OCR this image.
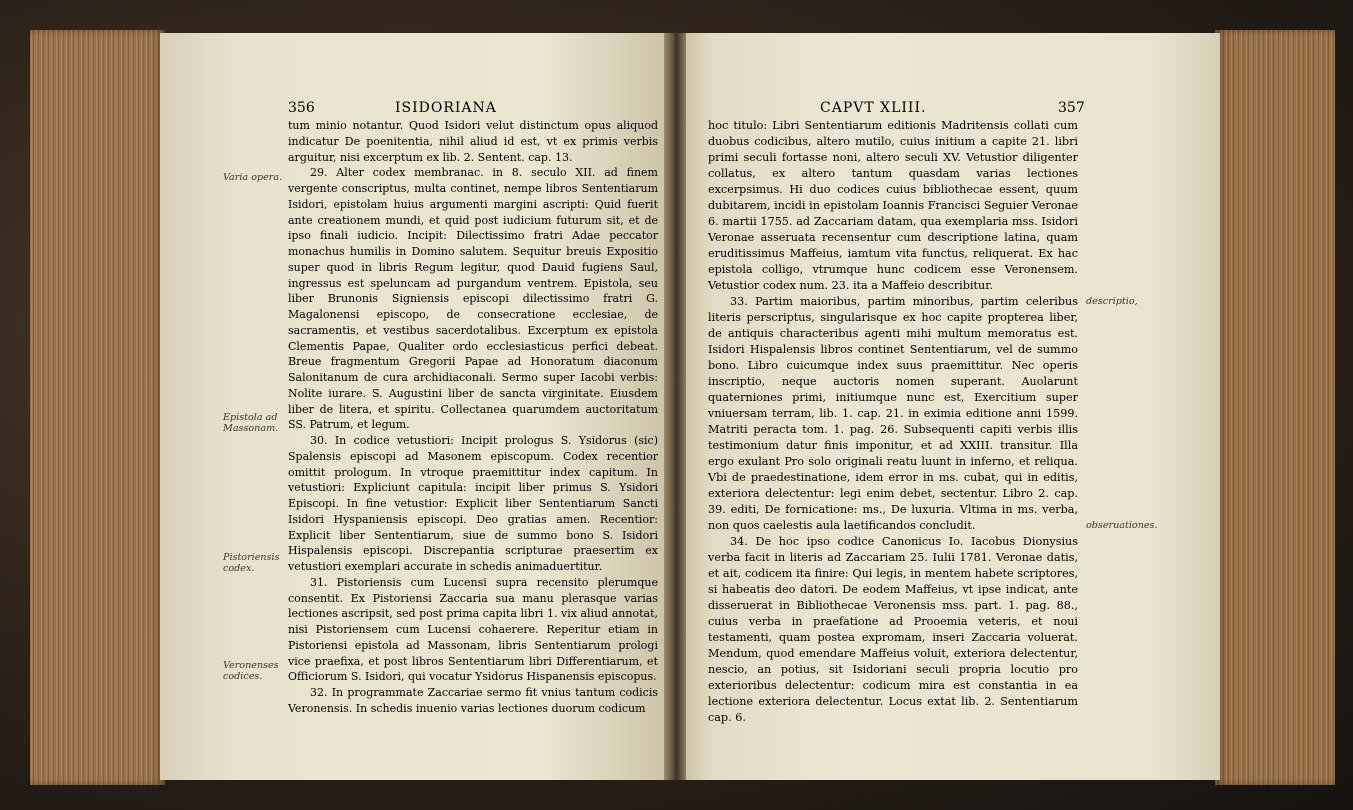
356	ISIDORIANA	CAPVT XLIII.	357

tum minio notantur. Quod Isidori velut distinctum opus aliquod indicatur De poenitentia, nihil aliud id est, vt ex primis verbis arguitur, nisi excerptum ex lib. 2. Sentent. cap. 13.

29. Alter codex membranac. in 8. seculo XII. ad finem vergente conscriptus, multa continet, nempe libros Sententiarum Isidori, epistolam huius argumenti margini ascripti: Quid fuerit ante creationem mundi, et quid post iudicium futurum sit, et de ipso finali iudicio. Incipit: Dilectissimo fratri Adae peccator monachus humilis in Domino salutem. Sequitur breuis Expositio super quod in libris Regum legitur, quod Dauid fugiens Saul, ingressus est speluncam ad purgandum ventrem. Epistola, seu liber Brunonis Signiensis episcopi dilectissimo fratri G. Magalonensi episcopo, de consecratione ecclesiae, de sacramentis, et vestibus sacerdotalibus. Excerptum ex epistola Clementis Papae, Qualiter ordo ecclesiasticus perfici debeat. Breue fragmentum Gregorii Papae ad Honoratum diaconum Salonitanum de cura archidiaconali. Sermo super Iacobi verbis: Nolite iurare. S. Augustini liber de sancta virginitate. Eiusdem liber de litera, et spiritu. Collectanea quarumdem auctoritatum SS. Patrum, et legum.

30. In codice vetustiori: Incipit prologus S. Ysidorus (sic) Spalensis episcopi ad Masonem episcopum. Codex recentior omittit prologum. In vtroque praemittitur index capitum. In vetustiori: Expliciunt capitula: incipit liber primus S. Ysidori Episcopi. In fine vetustior: Explicit liber Sententiarum Sancti Isidori Hyspaniensis episcopi. Deo gratias amen. Recentior: Explicit liber Sententiarum, siue de summo bono S. Isidori Hispalensis episcopi. Discrepantia scripturae praesertim ex vetustiori exemplari accurate in schedis animaduertitur.

31. Pistoriensis cum Lucensi supra recensito plerumque consentit. Ex Pistoriensi Zaccaria sua manu plerasque varias lectiones ascripsit, sed post prima capita libri 1. vix aliud annotat, nisi Pistoriensem cum Lucensi cohaerere. Reperitur etiam in Pistoriensi epistola ad Massonam, libris Sententiarum prologi vice praefixa, et post libros Sententiarum libri Differentiarum, et Officiorum S. Isidori, qui vocatur Ysidorus Hispanensis episcopus.

32. In programmate Zaccariae sermo fit vnius tantum codicis Veronensis. In schedis inuenio varias lectiones duorum codicum

Varia opera.
Epistola ad Massonam.
Pistoriensis codex.
Veronenses codices.

hoc titulo: Libri Sententiarum editionis Madritensis collati cum duobus codicibus, altero mutilo, cuius initium a capite 21. libri primi seculi fortasse noni, altero seculi XV. Vetustior diligenter collatus, ex altero tantum quasdam varias lectiones excerpsimus. Hi duo codices cuius bibliothecae essent, quum dubitarem, incidi in epistolam Ioannis Francisci Seguier Veronae 6. martii 1755. ad Zaccariam datam, qua exemplaria mss. Isidori Veronae asseruata recensentur cum descriptione latina, quam eruditissimus Maffeius, iamtum vita functus, reliquerat. Ex hac epistola colligo, vtrumque hunc codicem esse Veronensem. Vetustior codex num. 23. ita a Maffeio describitur.

33. Partim maioribus, partim minoribus, partim celeribus literis perscriptus, singularisque ex hoc capite propterea liber, de antiquis characteribus agenti mihi multum memoratus est. Isidori Hispalensis libros continet Sententiarum, vel de summo bono. Libro cuicumque index suus praemittitur. Nec operis inscriptio, neque auctoris nomen superant. Auolarunt quaterniones primi, initiumque nunc est, Exercitium super vniuersam terram, lib. 1. cap. 21. in eximia editione anni 1599. Matriti peracta tom. 1. pag. 26. Subsequenti capiti verbis illis testimonium datur finis imponitur, et ad XXIII. transitur. Illa ergo exulant Pro solo originali reatu luunt in inferno, et reliqua. Vbi de praedestinatione, idem error in ms. cubat, qui in editis, exteriora delectentur: legi enim debet, sectentur. Libro 2. cap. 39. editi, De fornicatione: ms., De luxuria. Vltima in ms. verba, non quos caelestis aula laetificandos concludit.

34. De hoc ipso codice Canonicus Io. Iacobus Dionysius verba facit in literis ad Zaccariam 25. Iulii 1781. Veronae datis, et ait, codicem ita finire: Qui legis, in mentem habete scriptores, si habeatis deo datori. De eodem Maffeius, vt ipse indicat, ante disseruerat in Bibliothecae Veronensis mss. part. 1. pag. 88., cuius verba in praefatione ad Prooemia veteris, et noui testamenti, quam postea expromam, inseri Zaccaria voluerat. Mendum, quod emendare Maffeius voluit, exteriora delectentur, nescio, an potius, sit Isidoriani seculi propria locutio pro exterioribus delectentur: codicum mira est constantia in ea lectione exteriora delectentur. Locus extat lib. 2. Sententiarum cap. 6.

descriptio,
obseruationes.
